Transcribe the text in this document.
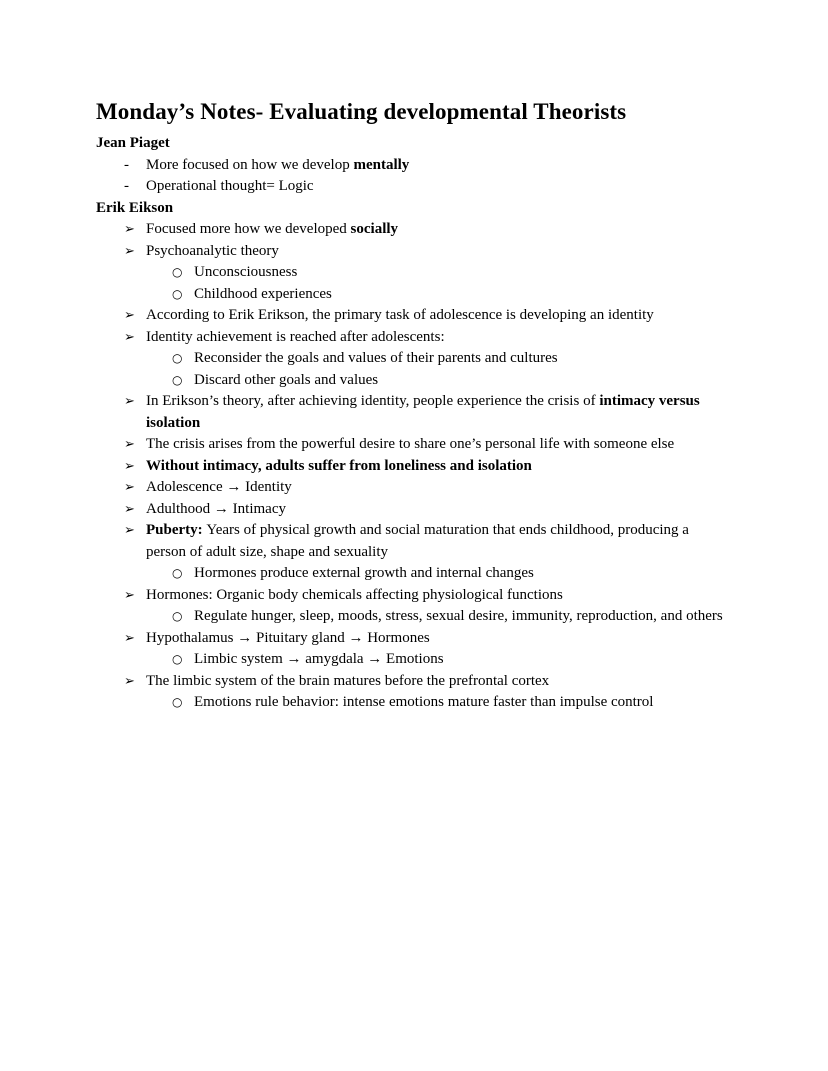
Monday’s Notes- Evaluating developmental Theorists
Jean Piaget
-	More focused on how we develop mentally
-	Operational thought= Logic
Erik Eikson
➢ Focused more how we developed socially
➢ Psychoanalytic theory
○ Unconsciousness
○ Childhood experiences
➢ According to Erik Erikson, the primary task of adolescence is developing an identity
➢ Identity achievement is reached after adolescents:
○ Reconsider the goals and values of their parents and cultures
○ Discard other goals and values
➢ In Erikson’s theory, after achieving identity, people experience the crisis of intimacy versus isolation
➢ The crisis arises from the powerful desire to share one’s personal life with someone else
➢ Without intimacy, adults suffer from loneliness and isolation
➢ Adolescence → Identity
➢ Adulthood → Intimacy
➢ Puberty: Years of physical growth and social maturation that ends childhood, producing a person of adult size, shape and sexuality
○ Hormones produce external growth and internal changes
➢ Hormones: Organic body chemicals affecting physiological functions
○ Regulate hunger, sleep, moods, stress, sexual desire, immunity, reproduction, and others
➢ Hypothalamus → Pituitary gland → Hormones
○ Limbic system → amygdala → Emotions
➢ The limbic system of the brain matures before the prefrontal cortex
○ Emotions rule behavior: intense emotions mature faster than impulse control
